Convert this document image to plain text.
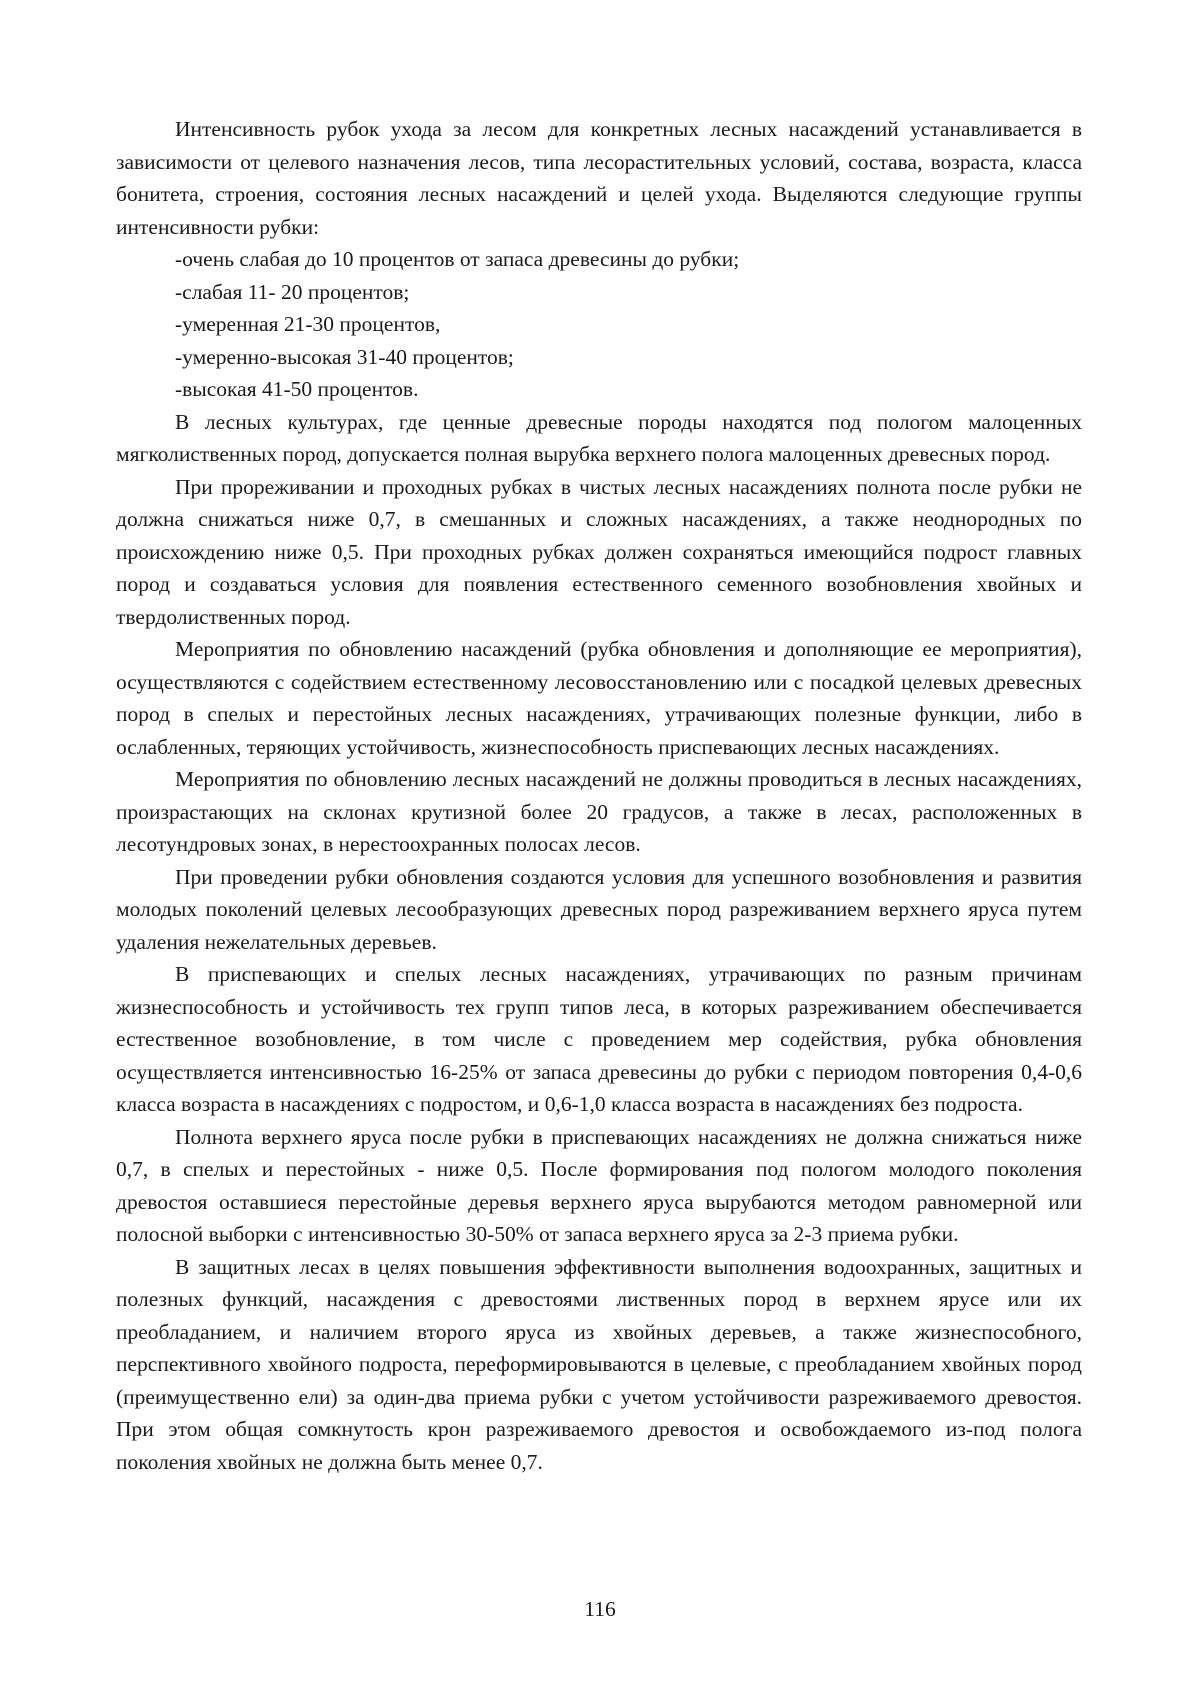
Интенсивность рубок ухода за лесом для конкретных лесных насаждений устанавливается в зависимости от целевого назначения лесов, типа лесорастительных условий, состава, возраста, класса бонитета, строения, состояния лесных насаждений и целей ухода. Выделяются следующие группы интенсивности рубки:

-очень слабая до 10 процентов от запаса древесины до рубки;

-слабая 11- 20 процентов;

-умеренная 21-30 процентов,

-умеренно-высокая 31-40 процентов;

-высокая 41-50 процентов.

В лесных культурах, где ценные древесные породы находятся под пологом малоценных мягколиственных пород, допускается полная вырубка верхнего полога малоценных древесных пород.

При прореживании и проходных рубках в чистых лесных насаждениях полнота после рубки не должна снижаться ниже 0,7, в смешанных и сложных насаждениях, а также неоднородных по происхождению ниже 0,5. При проходных рубках должен сохраняться имеющийся подрост главных пород и создаваться условия для появления естественного семенного возобновления хвойных и твердолиственных пород.

Мероприятия по обновлению насаждений (рубка обновления и дополняющие ее мероприятия), осуществляются с содействием естественному лесовосстановлению или с посадкой целевых древесных пород в спелых и перестойных лесных насаждениях, утрачивающих полезные функции, либо в ослабленных, теряющих устойчивость, жизнеспособность приспевающих лесных насаждениях.

Мероприятия по обновлению лесных насаждений не должны проводиться в лесных насаждениях, произрастающих на склонах крутизной более 20 градусов, а также в лесах, расположенных в лесотундровых зонах, в нерестоохранных полосах лесов.

При проведении рубки обновления создаются условия для успешного возобновления и развития молодых поколений целевых лесообразующих древесных пород разреживанием верхнего яруса путем удаления нежелательных деревьев.

В приспевающих и спелых лесных насаждениях, утрачивающих по разным причинам жизнеспособность и устойчивость тех групп типов леса, в которых разреживанием обеспечивается естественное возобновление, в том числе с проведением мер содействия, рубка обновления осуществляется интенсивностью 16-25% от запаса древесины до рубки с периодом повторения 0,4-0,6 класса возраста в насаждениях с подростом, и 0,6-1,0 класса возраста в насаждениях без подроста.

Полнота верхнего яруса после рубки в приспевающих насаждениях не должна снижаться ниже 0,7, в спелых и перестойных - ниже 0,5. После формирования под пологом молодого поколения древостоя оставшиеся перестойные деревья верхнего яруса вырубаются методом равномерной или полосной выборки с интенсивностью 30-50% от запаса верхнего яруса за 2-3 приема рубки.

В защитных лесах в целях повышения эффективности выполнения водоохранных, защитных и полезных функций, насаждения с древостоями лиственных пород в верхнем ярусе или их преобладанием, и наличием второго яруса из хвойных деревьев, а также жизнеспособного, перспективного хвойного подроста, переформировываются в целевые, с преобладанием хвойных пород (преимущественно ели) за один-два приема рубки с учетом устойчивости разреживаемого древостоя. При этом общая сомкнутость крон разреживаемого древостоя и освобождаемого из-под полога поколения хвойных не должна быть менее 0,7.

116
